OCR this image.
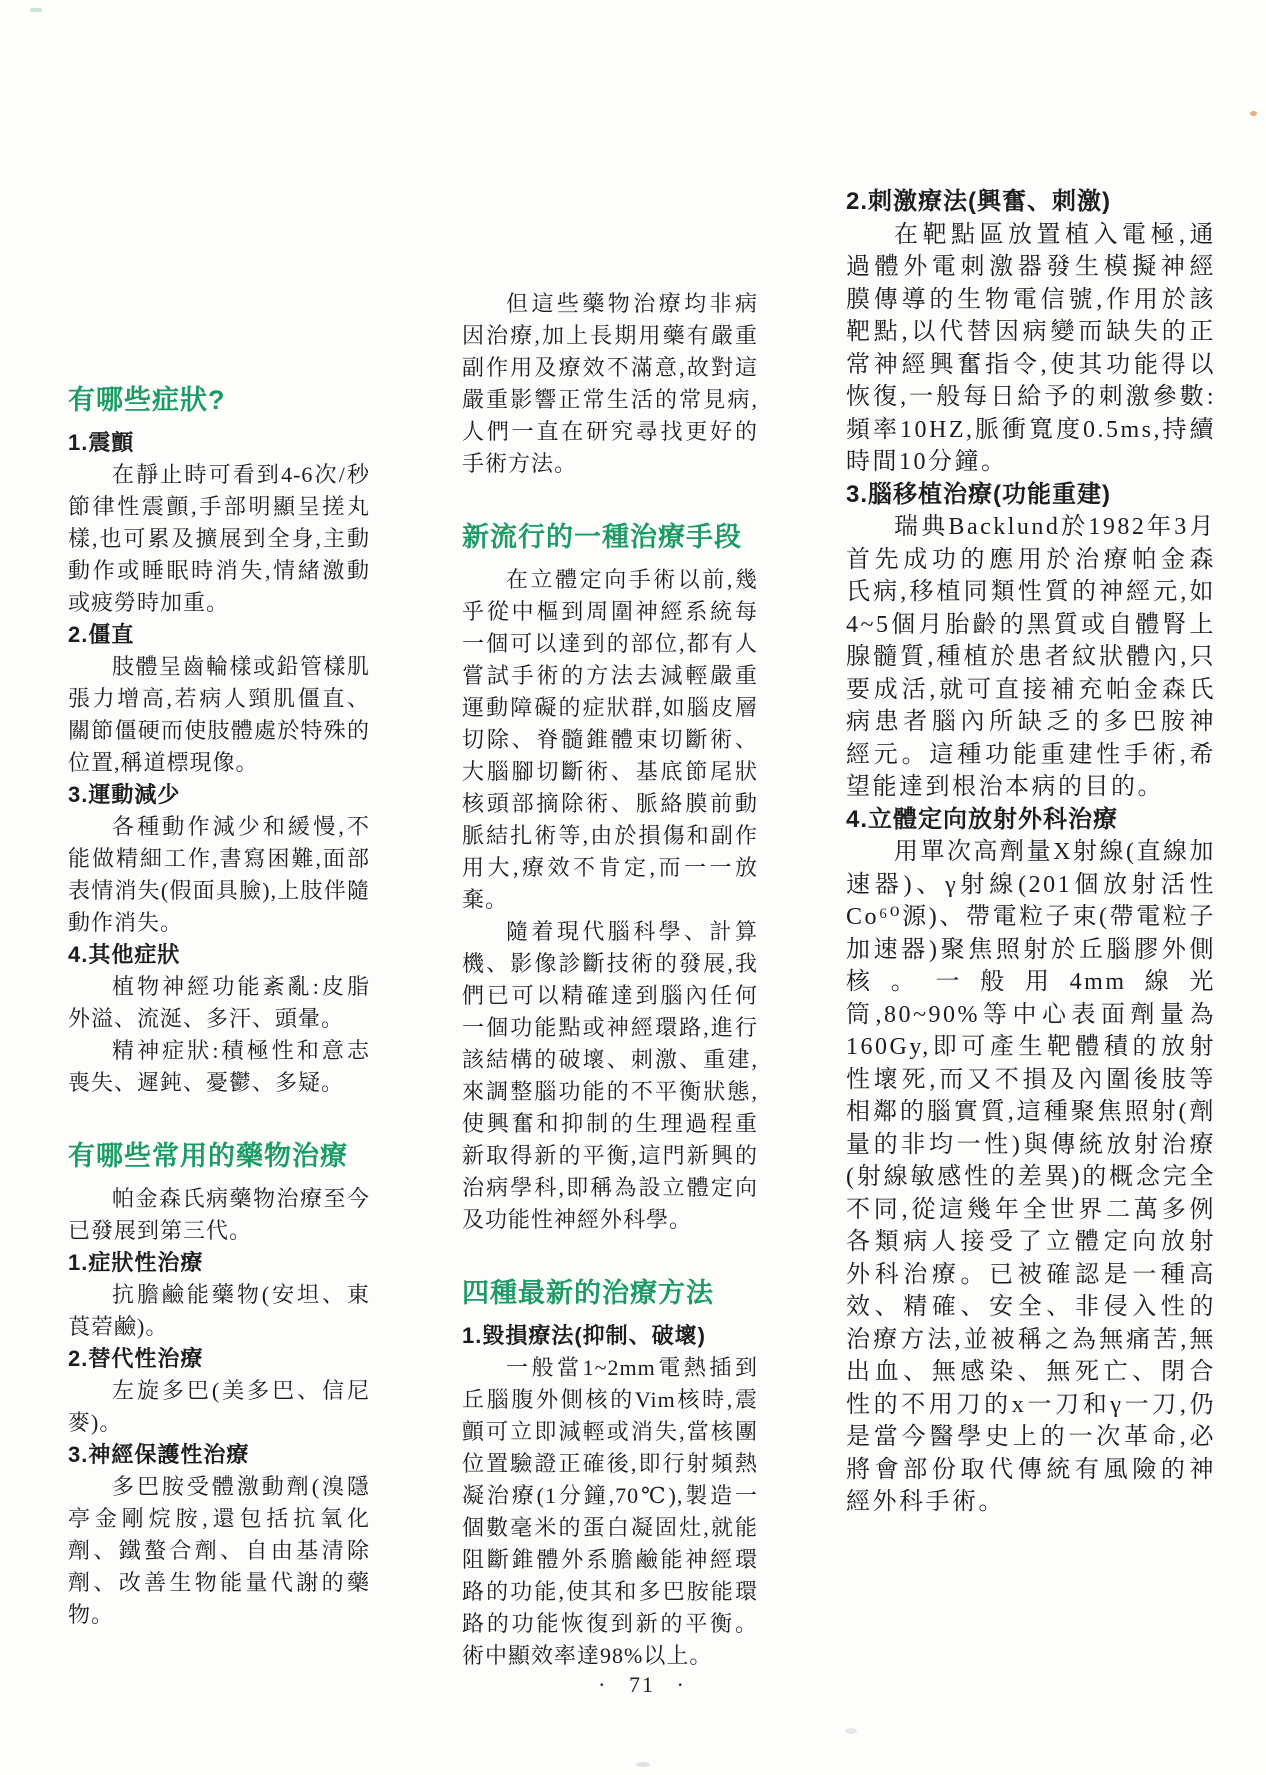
有哪些症狀?
1.震顫

在靜止時可看到4-6次/秒節律性震顫,手部明顯呈搓丸樣,也可累及擴展到全身,主動動作或睡眠時消失,情緒激動或疲勞時加重。

2.僵直

肢體呈齒輪樣或鉛管樣肌張力增高,若病人頸肌僵直、關節僵硬而使肢體處於特殊的位置,稱道標現像。

3.運動減少

各種動作減少和緩慢,不能做精細工作,書寫困難,面部表情消失(假面具臉),上肢伴隨動作消失。

4.其他症狀

植物神經功能紊亂:皮脂外溢、流涎、多汗、頭暈。

精神症狀:積極性和意志喪失、遲鈍、憂鬱、多疑。

有哪些常用的藥物治療

帕金森氏病藥物治療至今已發展到第三代。

1.症狀性治療

抗膽鹼能藥物(安坦、東莨菪鹼)。

2.替代性治療

左旋多巴(美多巴、信尼麥)。

3.神經保護性治療

多巴胺受體激動劑(溴隱亭金剛烷胺,還包括抗氧化劑、鐵螯合劑、自由基清除劑、改善生物能量代謝的藥物。

但這些藥物治療均非病因治療,加上長期用藥有嚴重副作用及療效不滿意,故對這嚴重影響正常生活的常見病,人們一直在研究尋找更好的手術方法。

新流行的一種治療手段

在立體定向手術以前,幾乎從中樞到周圍神經系統每一個可以達到的部位,都有人嘗試手術的方法去減輕嚴重運動障礙的症狀群,如腦皮層切除、脊髓錐體束切斷術、大腦腳切斷術、基底節尾狀核頭部摘除術、脈絡膜前動脈結扎術等,由於損傷和副作用大,療效不肯定,而一一放棄。

隨着現代腦科學、計算機、影像診斷技術的發展,我們已可以精確達到腦內任何一個功能點或神經環路,進行該結構的破壞、刺激、重建,來調整腦功能的不平衡狀態,使興奮和抑制的生理過程重新取得新的平衡,這門新興的治病學科,即稱為設立體定向及功能性神經外科學。

四種最新的治療方法
1.毀損療法(抑制、破壞)

一般當1~2mm電熱插到丘腦腹外側核的Vim核時,震顫可立即減輕或消失,當核團位置驗證正確後,即行射頻熱凝治療(1分鐘,70℃),製造一個數毫米的蛋白凝固灶,就能阻斷錐體外系膽鹼能神經環路的功能,使其和多巴胺能環路的功能恢復到新的平衡。術中顯效率達98%以上。

2.刺激療法(興奮、刺激)

在靶點區放置植入電極,通過體外電刺激器發生模擬神經膜傳導的生物電信號,作用於該靶點,以代替因病變而缺失的正常神經興奮指令,使其功能得以恢復,一般每日給予的刺激參數:頻率10HZ,脈衝寬度0.5ms,持續時間10分鐘。

3.腦移植治療(功能重建)

瑞典Backlund於1982年3月首先成功的應用於治療帕金森氏病,移植同類性質的神經元,如4~5個月胎齡的黑質或自體腎上腺髓質,種植於患者紋狀體內,只要成活,就可直接補充帕金森氏病患者腦內所缺乏的多巴胺神經元。這種功能重建性手術,希望能達到根治本病的目的。

4.立體定向放射外科治療

用單次高劑量X射線(直線加速器)、γ射線(201個放射活性Co⁶⁰源)、帶電粒子束(帶電粒子加速器)聚焦照射於丘腦膠外側核。一般用4mm線光筒,80~90%等中心表面劑量為160Gy,即可產生靶體積的放射性壞死,而又不損及內圍後肢等相鄰的腦實質,這種聚焦照射(劑量的非均一性)與傳統放射治療(射線敏感性的差異)的概念完全不同,從這幾年全世界二萬多例各類病人接受了立體定向放射外科治療。已被確認是一種高效、精確、安全、非侵入性的治療方法,並被稱之為無痛苦,無出血、無感染、無死亡、閉合性的不用刀的x一刀和γ一刀,仍是當今醫學史上的一次革命,必將會部份取代傳統有風險的神經外科手術。

· 71 ·
